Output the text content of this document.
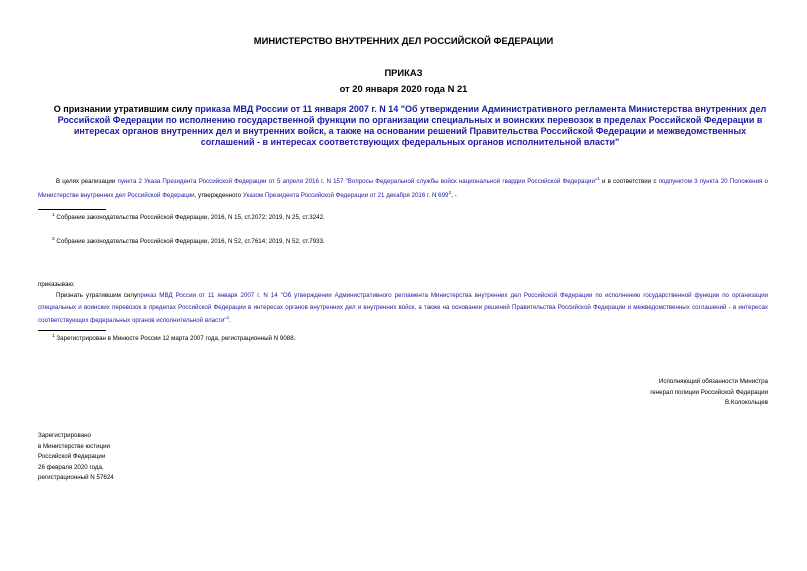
МИНИСТЕРСТВО ВНУТРЕННИХ ДЕЛ РОССИЙСКОЙ ФЕДЕРАЦИИ
ПРИКАЗ
от 20 января 2020 года N 21
О признании утратившим силу приказа МВД России от 11 января 2007 г. N 14 "Об утверждении Административного регламента Министерства внутренних дел Российской Федерации по исполнению государственной функции по организации специальных и воинских перевозок в пределах Российской Федерации в интересах органов внутренних дел и внутренних войск, а также на основании решений Правительства Российской Федерации и межведомственных соглашений - в интересах соответствующих федеральных органов исполнительной власти"
В целях реализации пункта 2 Указа Президента Российской Федерации от 5 апреля 2016 г. N 157 "Вопросы Федеральной службы войск национальной гвардии Российской Федерации"$^1$ и в соответствии с подпунктом 3 пункта 20 Положения о Министерстве внутренних дел Российской Федерации, утвержденного Указом Президента Российской Федерации от 21 декабря 2016 г. N $699^2$, -
$^1$ Собрание законодательства Российской Федерации, 2016, N 15, ст.2072; 2019, N 25, ст.3242.
$^2$ Собрание законодательства Российской Федерации, 2016, N 52, ст.7614; 2019, N 52, ст.7933.
приказываю:
Признать утратившим силуприказ МВД России от 11 января 2007 г. N 14 "Об утверждении Административного регламента Министерства внутренних дел Российской Федерации по исполнению государственной функции по организации специальных и воинских перевозок в пределах Российской Федерации в интересах органов внутренних дел и внутренних войск, а также на основании решений Правительства Российской Федерации и межведомственных соглашений - в интересах соответствующих федеральных органов исполнительной власти"$^1$.
$^1$ Зарегистрирован в Минюсте России 12 марта 2007 года, регистрационный N 9088.
Исполняющий обязанности Министра
генерал полиции Российской Федерации
В.Колокольцев
Зарегистрировано
в Министерстве юстиции
Российской Федерации
26 февраля 2020 года,
регистрационный N 57624
